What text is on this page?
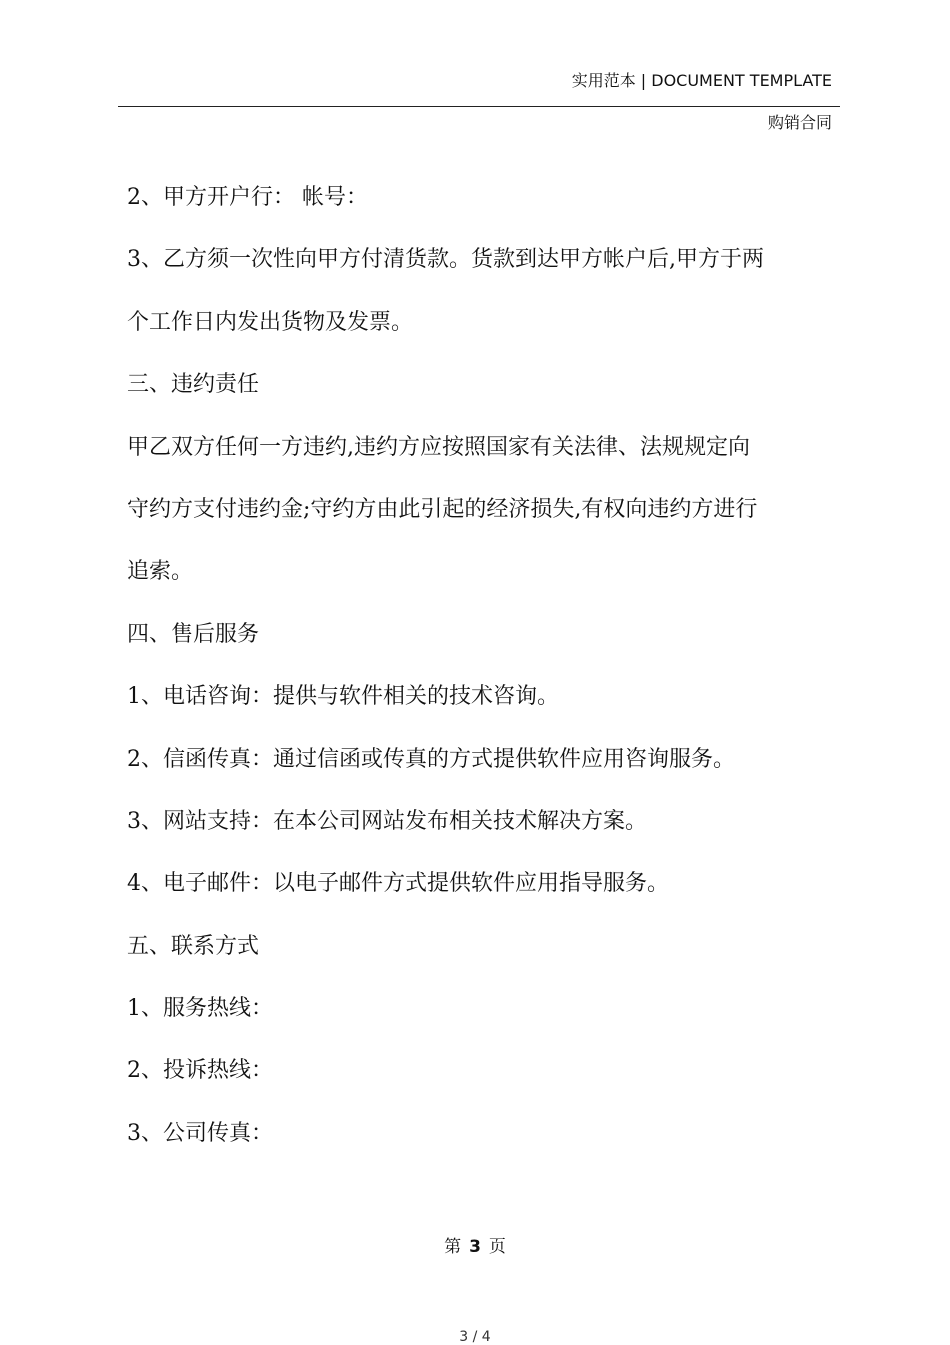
实用范本 | DOCUMENT TEMPLATE
购销合同
2、甲方开户行： 帐号：
3、乙方须一次性向甲方付清货款。货款到达甲方帐户后,甲方于两
个工作日内发出货物及发票。
三、违约责任
甲乙双方任何一方违约,违约方应按照国家有关法律、法规规定向
守约方支付违约金;守约方由此引起的经济损失,有权向违约方进行
追索。
四、售后服务
1、电话咨询：提供与软件相关的技术咨询。
2、信函传真：通过信函或传真的方式提供软件应用咨询服务。
3、网站支持：在本公司网站发布相关技术解决方案。
4、电子邮件：以电子邮件方式提供软件应用指导服务。
五、联系方式
1、服务热线：
2、投诉热线：
3、公司传真：
第 3 页
3 / 4
